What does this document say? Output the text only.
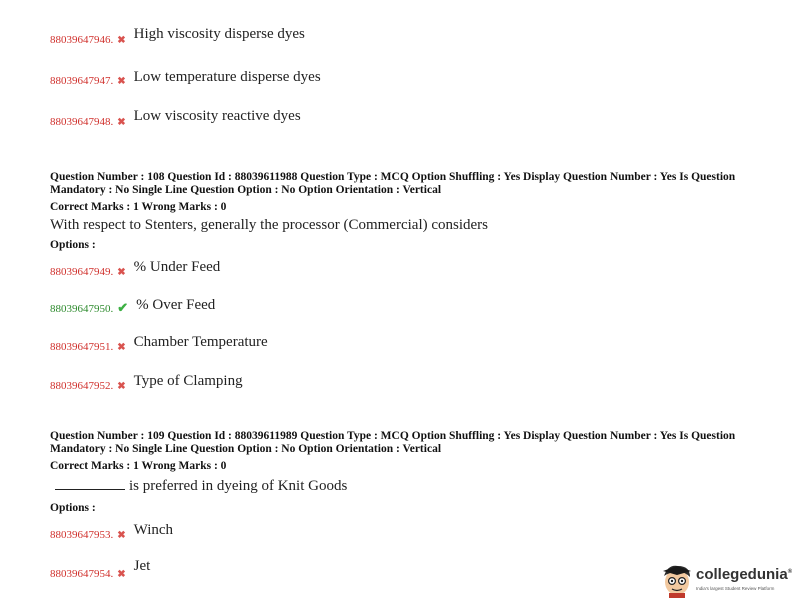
88039647946. ✖ High viscosity disperse dyes
88039647947. ✖ Low temperature disperse dyes
88039647948. ✖ Low viscosity reactive dyes
Question Number : 108 Question Id : 88039611988 Question Type : MCQ Option Shuffling : Yes Display Question Number : Yes Is Question Mandatory : No Single Line Question Option : No Option Orientation : Vertical
Correct Marks : 1 Wrong Marks : 0
With respect to Stenters, generally the processor (Commercial) considers
Options :
88039647949. ✖ % Under Feed
88039647950. ✔ % Over Feed
88039647951. ✖ Chamber Temperature
88039647952. ✖ Type of Clamping
Question Number : 109 Question Id : 88039611989 Question Type : MCQ Option Shuffling : Yes Display Question Number : Yes Is Question Mandatory : No Single Line Question Option : No Option Orientation : Vertical
Correct Marks : 1 Wrong Marks : 0
is preferred in dyeing of Knit Goods
Options :
88039647953. ✖ Winch
88039647954. ✖ Jet	collegedunia®
India's largest Student Review Platform
